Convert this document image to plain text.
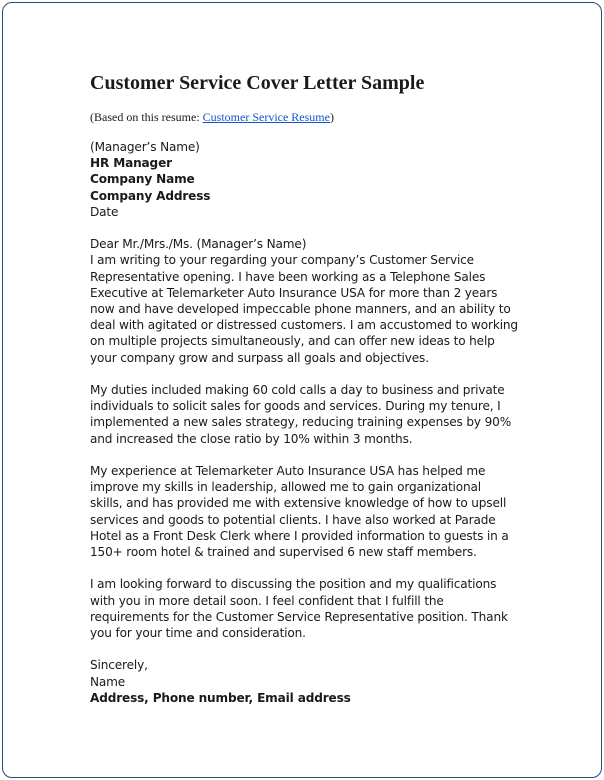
Customer Service Cover Letter Sample
(Based on this resume: Customer Service Resume)
(Manager’s Name)
HR Manager
Company Name
Company Address
Date
Dear Mr./Mrs./Ms. (Manager’s Name)
I am writing to your regarding your company’s Customer Service
Representative opening. I have been working as a Telephone Sales
Executive at Telemarketer Auto Insurance USA for more than 2 years
now and have developed impeccable phone manners, and an ability to
deal with agitated or distressed customers. I am accustomed to working
on multiple projects simultaneously, and can offer new ideas to help
your company grow and surpass all goals and objectives.
My duties included making 60 cold calls a day to business and private
individuals to solicit sales for goods and services. During my tenure, I
implemented a new sales strategy, reducing training expenses by 90%
and increased the close ratio by 10% within 3 months.
My experience at Telemarketer Auto Insurance USA has helped me
improve my skills in leadership, allowed me to gain organizational
skills, and has provided me with extensive knowledge of how to upsell
services and goods to potential clients. I have also worked at Parade
Hotel as a Front Desk Clerk where I provided information to guests in a
150+ room hotel & trained and supervised 6 new staff members.
I am looking forward to discussing the position and my qualifications
with you in more detail soon. I feel confident that I fulfill the
requirements for the Customer Service Representative position. Thank
you for your time and consideration.
Sincerely,
Name
Address, Phone number, Email address
